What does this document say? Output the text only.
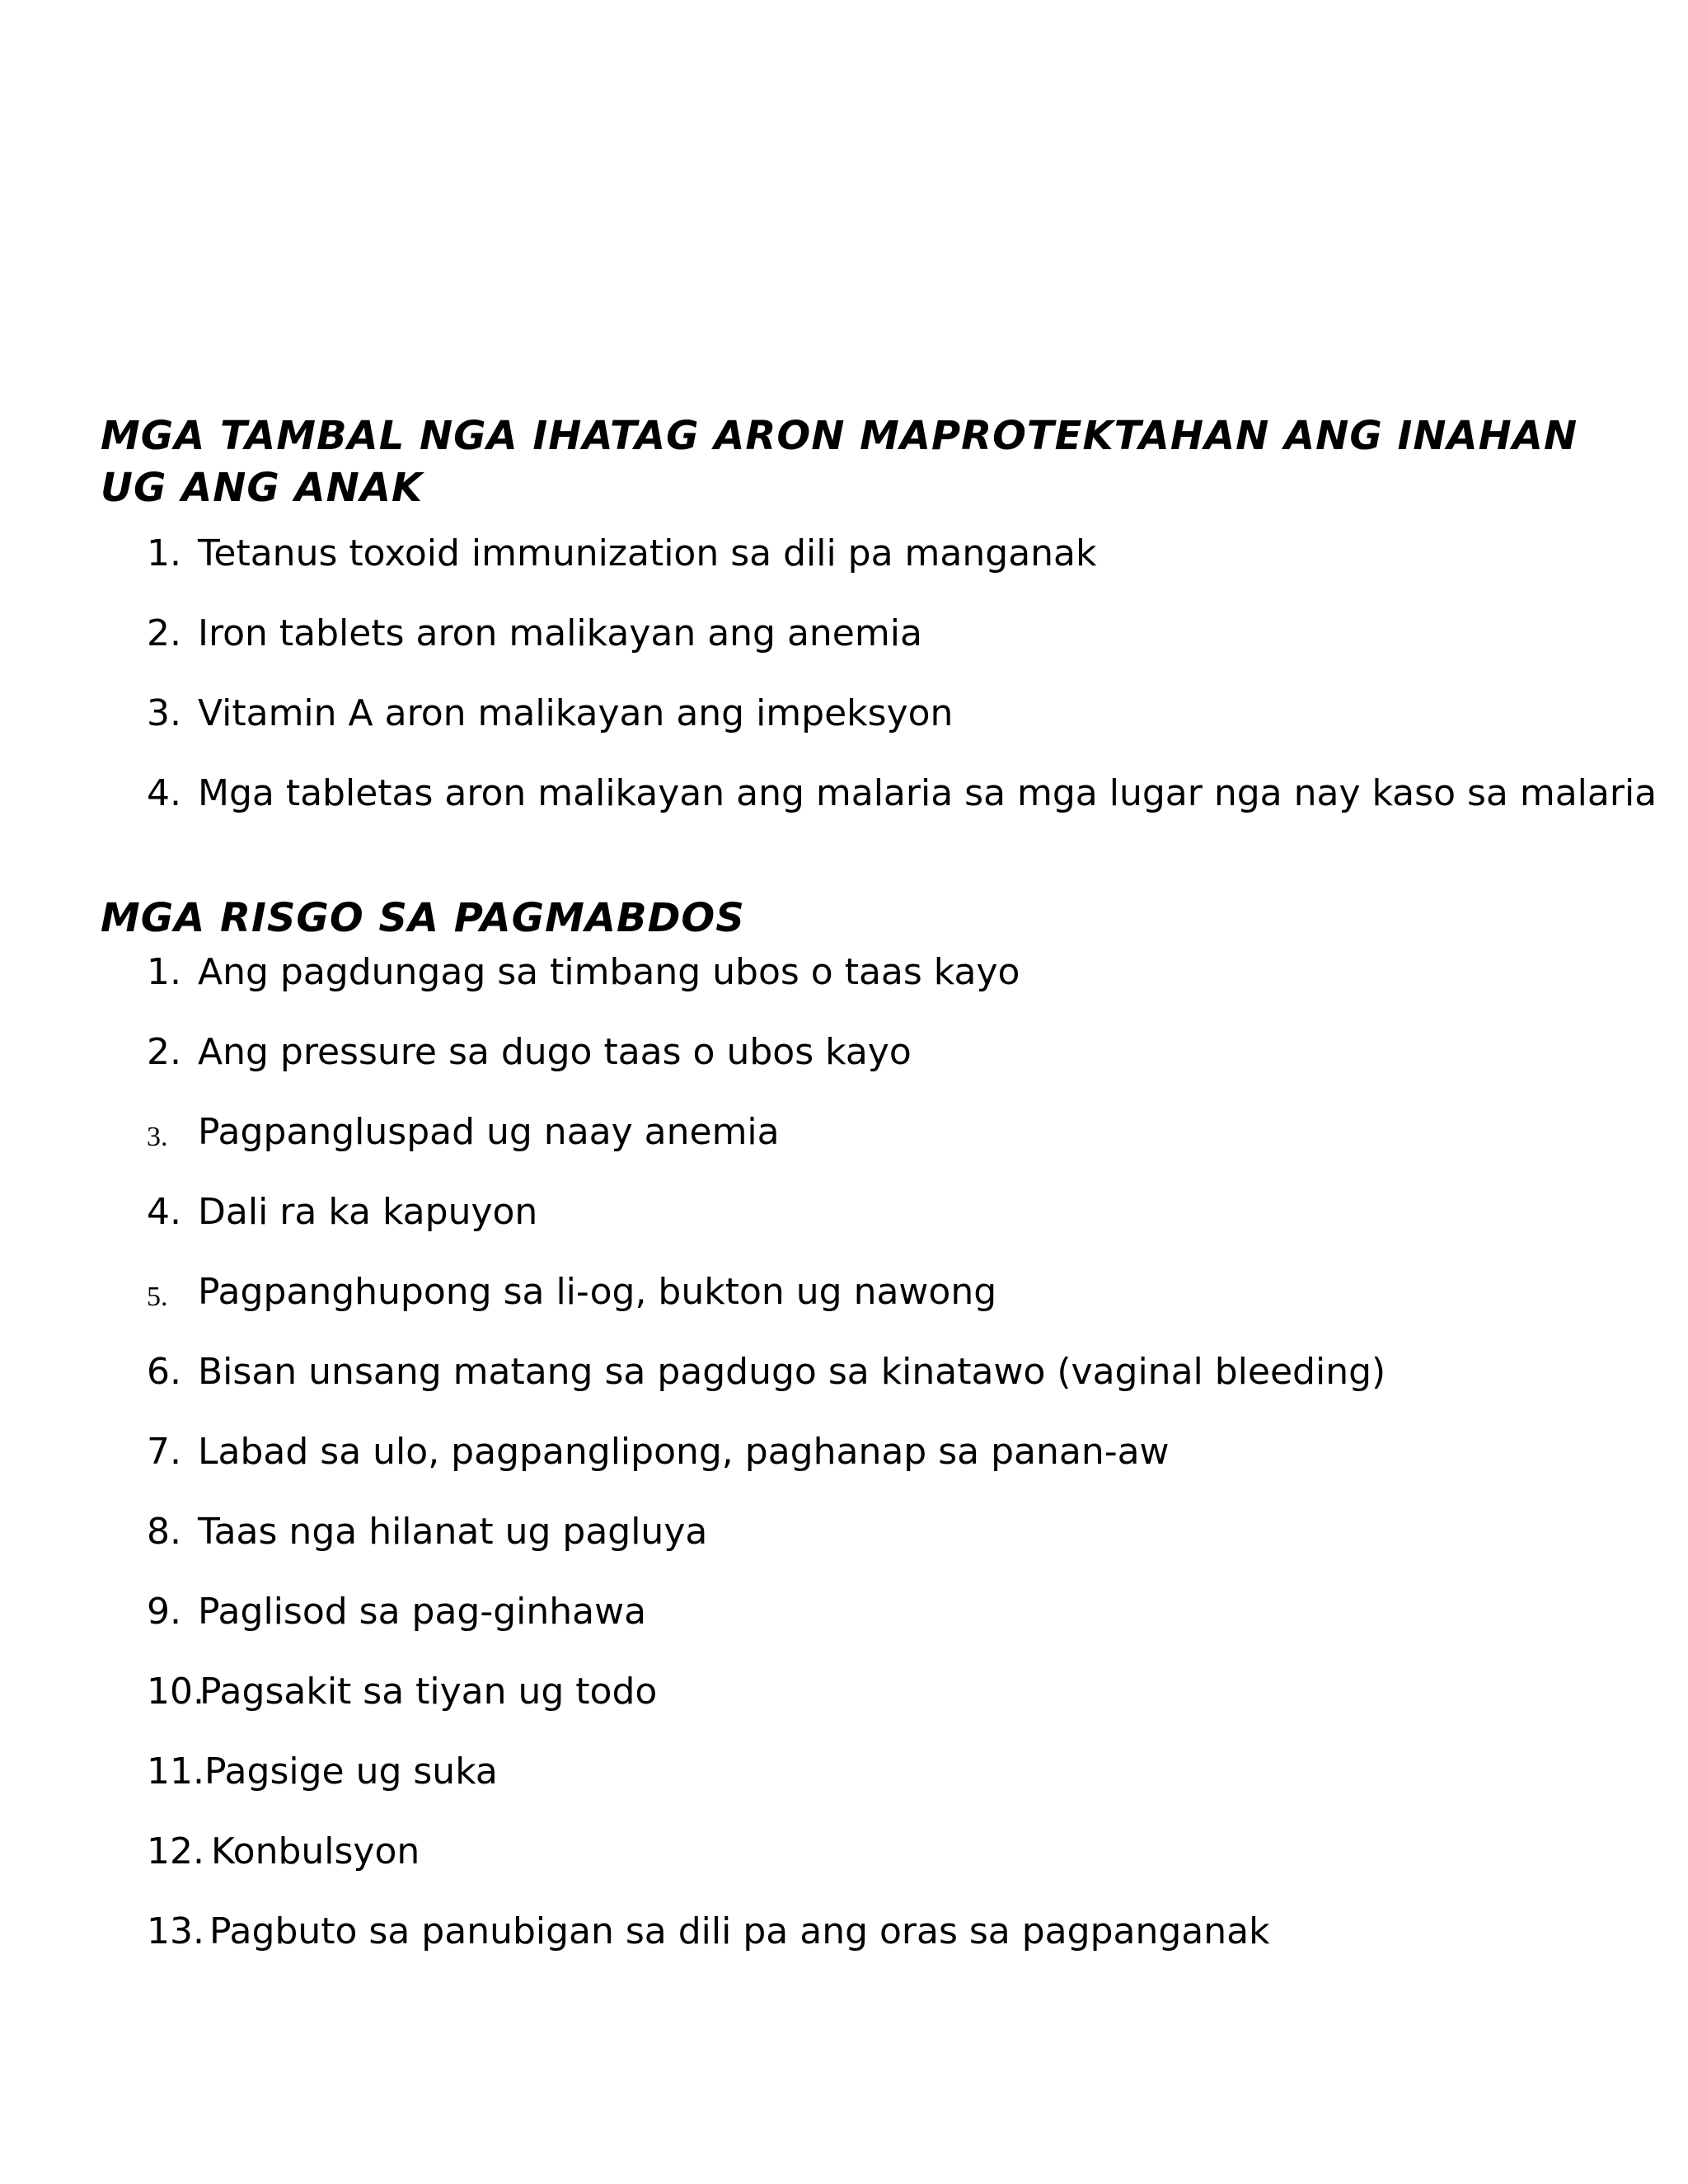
MGA TAMBAL NGA IHATAG ARON MAPROTEKTAHAN ANG INAHAN UG ANG ANAK
1. Tetanus toxoid immunization sa dili pa manganak
2. Iron tablets aron malikayan ang anemia
3. Vitamin A aron malikayan ang impeksyon
4. Mga tabletas aron malikayan ang malaria sa mga lugar nga nay kaso sa malaria
MGA RISGO SA PAGMABDOS
1. Ang pagdungag sa timbang ubos o taas kayo
2. Ang pressure sa dugo taas o ubos kayo
3. Pagpangluspad ug naay anemia
4. Dali ra ka kapuyon
5. Pagpanghupong sa li-og, bukton ug nawong
6. Bisan unsang matang sa pagdugo sa kinatawo (vaginal bleeding)
7. Labad sa ulo, pagpanglipong, paghanap sa panan-aw
8. Taas nga hilanat ug pagluya
9. Paglisod sa pag-ginhawa
10.
Pagsakit sa tiyan ug todo
11. Pagsige ug suka
12. Konbulsyon
13. Pagbuto sa panubigan sa dili pa ang oras sa pagpanganak
